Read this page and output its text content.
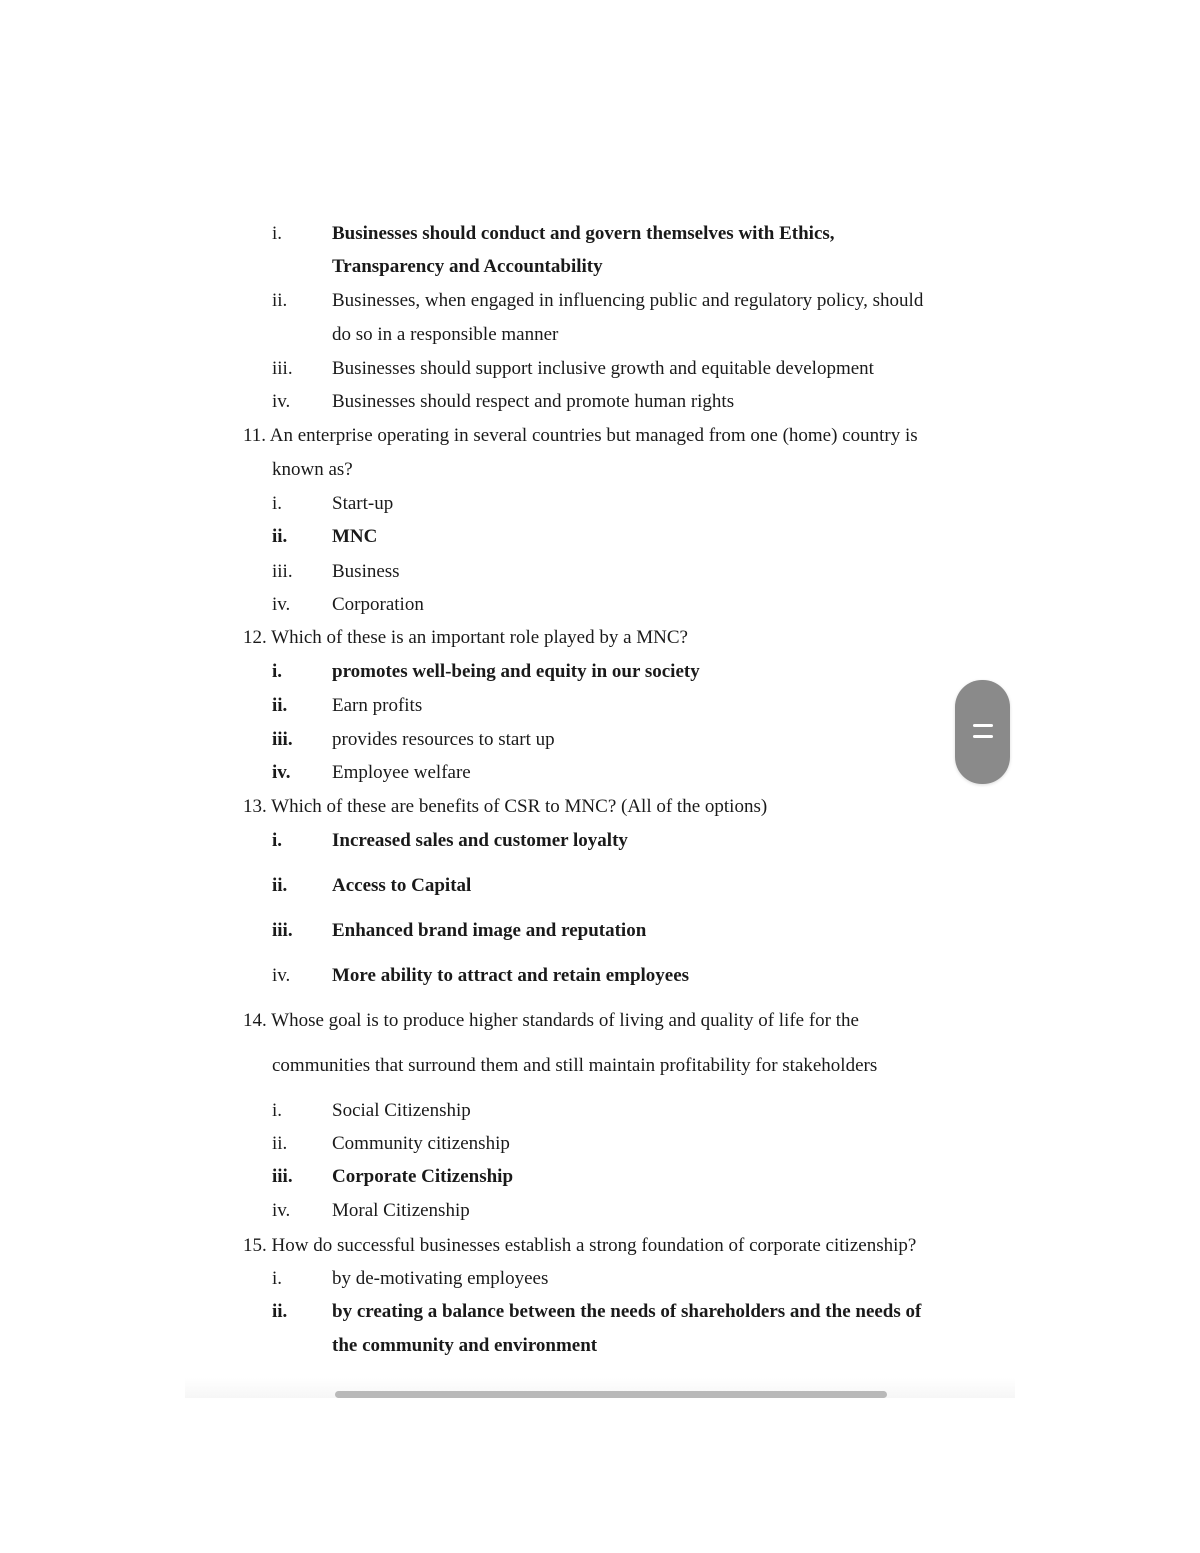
i.	Businesses should conduct and govern themselves with Ethics,
Transparency and Accountability
ii. Businesses, when engaged in influencing public and regulatory policy, should
do so in a responsible manner
iii. Businesses should support inclusive growth and equitable development
iv. Businesses should respect and promote human rights
11. An enterprise operating in several countries but managed from one (home) country is
known as?
i.	Start-up
ii. MNC
iii. Business
iv. Corporation
12. Which of these is an important role played by a MNC?
i.	promotes well-being and equity in our society
ii. Earn profits
iii. provides resources to start up
iv. Employee welfare
13. Which of these are benefits of CSR to MNC? (All of the options)
i.	Increased sales and customer loyalty
ii. Access to Capital
iii. Enhanced brand image and reputation
iv. More ability to attract and retain employees
14. Whose goal is to produce higher standards of living and quality of life for the
communities that surround them and still maintain profitability for stakeholders
i.	Social Citizenship
ii. Community citizenship
iii. Corporate Citizenship
iv. Moral Citizenship
15. How do successful businesses establish a strong foundation of corporate citizenship?
i.	by de-motivating employees
ii. by creating a balance between the needs of shareholders and the needs of
the community and environment
